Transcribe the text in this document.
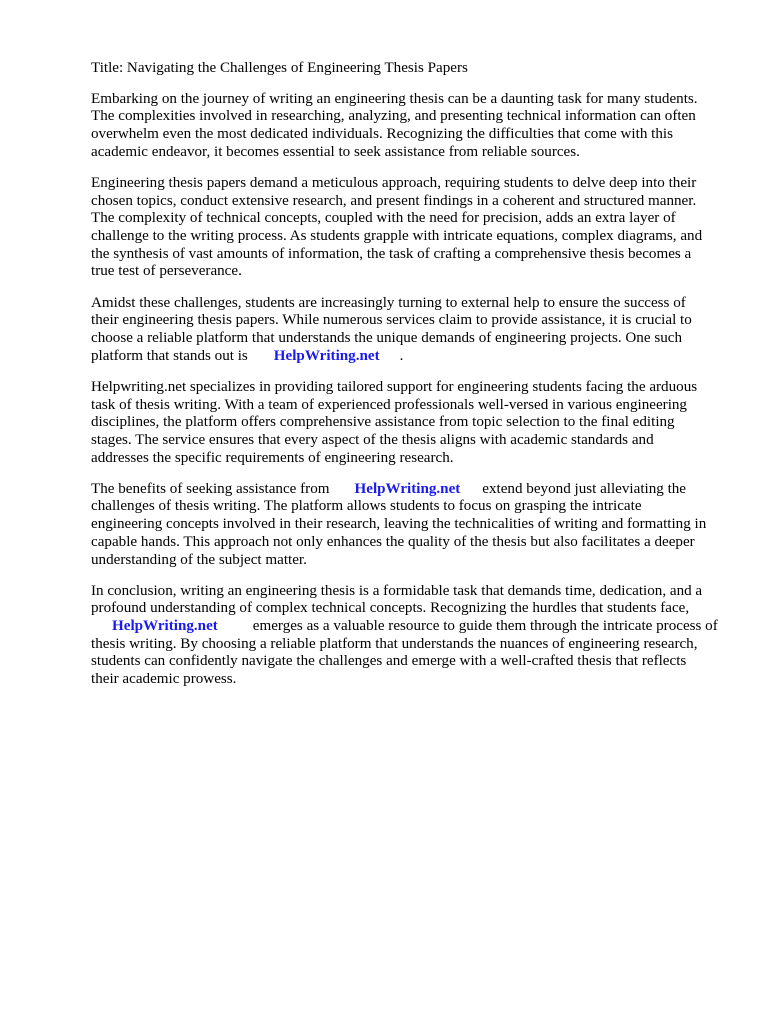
Title: Navigating the Challenges of Engineering Thesis Papers
Embarking on the journey of writing an engineering thesis can be a daunting task for many students.
The complexities involved in researching, analyzing, and presenting technical information can often
overwhelm even the most dedicated individuals. Recognizing the difficulties that come with this
academic endeavor, it becomes essential to seek assistance from reliable sources.
Engineering thesis papers demand a meticulous approach, requiring students to delve deep into their
chosen topics, conduct extensive research, and present findings in a coherent and structured manner.
The complexity of technical concepts, coupled with the need for precision, adds an extra layer of
challenge to the writing process. As students grapple with intricate equations, complex diagrams, and
the synthesis of vast amounts of information, the task of crafting a comprehensive thesis becomes a
true test of perseverance.
Amidst these challenges, students are increasingly turning to external help to ensure the success of
their engineering thesis papers. While numerous services claim to provide assistance, it is crucial to
choose a reliable platform that understands the unique demands of engineering projects. One such
platform that stands out is HelpWriting.net .
Helpwriting.net specializes in providing tailored support for engineering students facing the arduous
task of thesis writing. With a team of experienced professionals well-versed in various engineering
disciplines, the platform offers comprehensive assistance from topic selection to the final editing
stages. The service ensures that every aspect of the thesis aligns with academic standards and
addresses the specific requirements of engineering research.
The benefits of seeking assistance from HelpWriting.net extend beyond just alleviating the
challenges of thesis writing. The platform allows students to focus on grasping the intricate
engineering concepts involved in their research, leaving the technicalities of writing and formatting in
capable hands. This approach not only enhances the quality of the thesis but also facilitates a deeper
understanding of the subject matter.
In conclusion, writing an engineering thesis is a formidable task that demands time, dedication, and a
profound understanding of complex technical concepts. Recognizing the hurdles that students face,
HelpWriting.net emerges as a valuable resource to guide them through the intricate process of
thesis writing. By choosing a reliable platform that understands the nuances of engineering research,
students can confidently navigate the challenges and emerge with a well-crafted thesis that reflects
their academic prowess.
